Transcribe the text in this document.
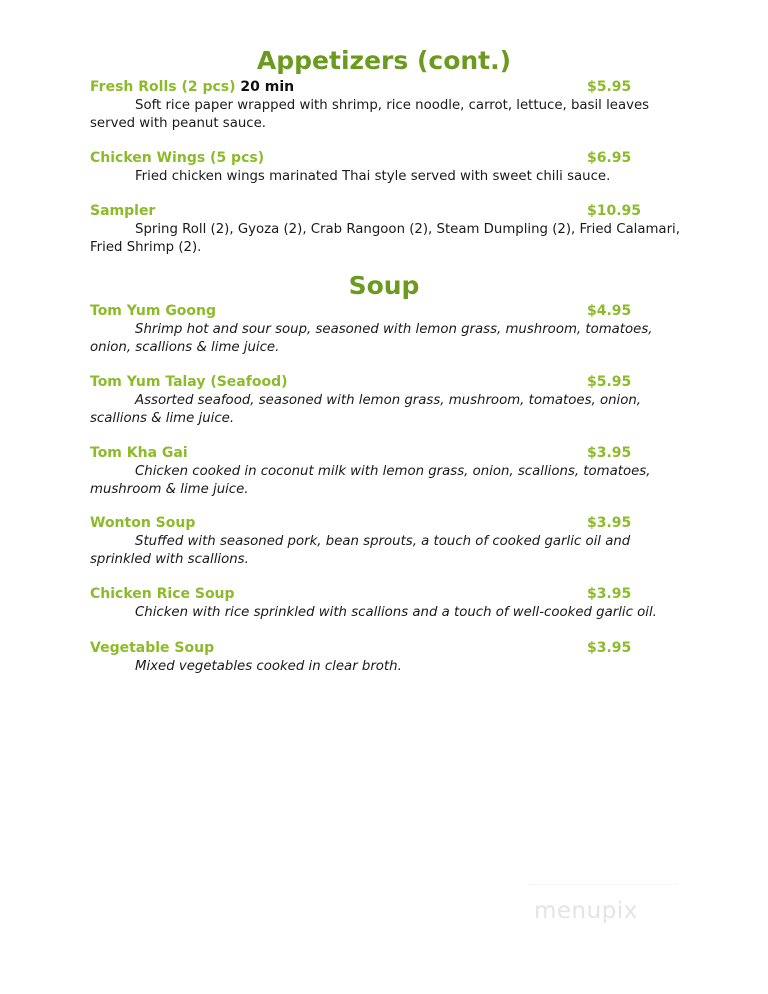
Appetizers (cont.)
Fresh Rolls (2 pcs) 20 min	$5.95
Soft rice paper wrapped with shrimp, rice noodle, carrot, lettuce, basil leaves served with peanut sauce.
Chicken Wings (5 pcs)	$6.95
Fried chicken wings marinated Thai style served with sweet chili sauce.
Sampler	$10.95
Spring Roll (2), Gyoza (2), Crab Rangoon (2), Steam Dumpling (2), Fried Calamari, Fried Shrimp (2).
Soup
Tom Yum Goong	$4.95
Shrimp hot and sour soup, seasoned with lemon grass, mushroom, tomatoes, onion, scallions & lime juice.
Tom Yum Talay (Seafood)	$5.95
Assorted seafood, seasoned with lemon grass, mushroom, tomatoes, onion, scallions & lime juice.
Tom Kha Gai	$3.95
Chicken cooked in coconut milk with lemon grass, onion, scallions, tomatoes, mushroom & lime juice.
Wonton Soup	$3.95
Stuffed with seasoned pork, bean sprouts, a touch of cooked garlic oil and sprinkled with scallions.
Chicken Rice Soup	$3.95
Chicken with rice sprinkled with scallions and a touch of well-cooked garlic oil.
Vegetable Soup	$3.95
Mixed vegetables cooked in clear broth.
menupix
